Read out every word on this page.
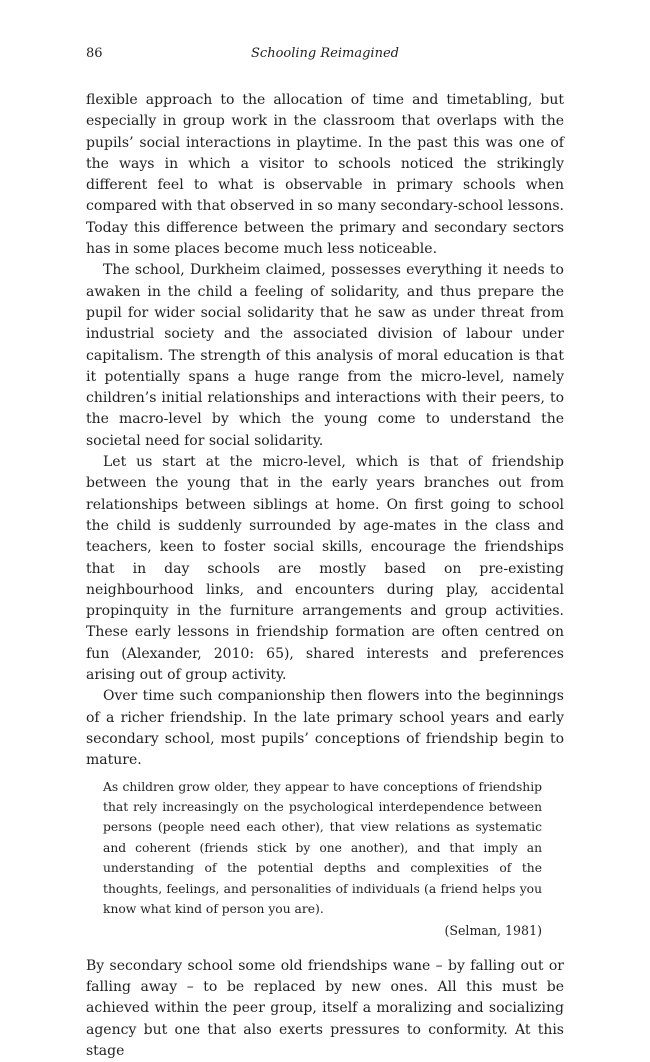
86	Schooling Reimagined

flexible approach to the allocation of time and timetabling, but especially in group work in the classroom that overlaps with the pupils’ social interactions in playtime. In the past this was one of the ways in which a visitor to schools noticed the strikingly different feel to what is observable in primary schools when compared with that observed in so many secondary-school lessons. Today this difference between the primary and secondary sectors has in some places become much less noticeable.

The school, Durkheim claimed, possesses everything it needs to awaken in the child a feeling of solidarity, and thus prepare the pupil for wider social solidarity that he saw as under threat from industrial society and the associated division of labour under capitalism. The strength of this analysis of moral education is that it potentially spans a huge range from the micro-level, namely children’s initial relationships and interactions with their peers, to the macro-level by which the young come to understand the societal need for social solidarity.

Let us start at the micro-level, which is that of friendship between the young that in the early years branches out from relationships between siblings at home. On first going to school the child is suddenly surrounded by age-mates in the class and teachers, keen to foster social skills, encourage the friendships that in day schools are mostly based on pre-existing neighbourhood links, and encounters during play, accidental propinquity in the furniture arrangements and group activities. These early lessons in friendship formation are often centred on fun (Alexander, 2010: 65), shared interests and preferences arising out of group activity.

Over time such companionship then flowers into the beginnings of a richer friendship. In the late primary school years and early secondary school, most pupils’ conceptions of friendship begin to mature.

As children grow older, they appear to have conceptions of friendship that rely increasingly on the psychological interdependence between persons (people need each other), that view relations as systematic and coherent (friends stick by one another), and that imply an understanding of the potential depths and complexities of the thoughts, feelings, and personalities of individuals (a friend helps you know what kind of person you are).
(Selman, 1981)

By secondary school some old friendships wane – by falling out or falling away – to be replaced by new ones. All this must be achieved within the peer group, itself a moralizing and socializing agency but one that also exerts pressures to conformity. At this stage
